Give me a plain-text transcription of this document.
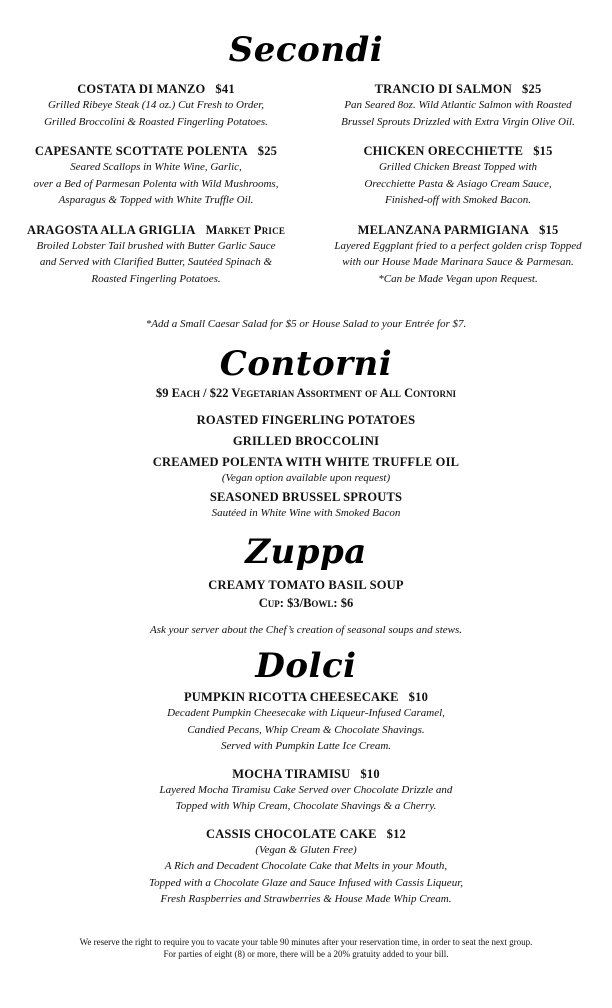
Secondi
COSTATA DI MANZO $41
Grilled Ribeye Steak (14 oz.) Cut Fresh to Order,
Grilled Broccolini & Roasted Fingerling Potatoes.
CAPESANTE SCOTTATE POLENTA $25
Seared Scallops in White Wine, Garlic,
over a Bed of Parmesan Polenta with Wild Mushrooms,
Asparagus & Topped with White Truffle Oil.
ARAGOSTA ALLA GRIGLIA Market Price
Broiled Lobster Tail brushed with Butter Garlic Sauce
and Served with Clarified Butter, Sautéed Spinach &
Roasted Fingerling Potatoes.
TRANCIO DI SALMON $25
Pan Seared 8oz. Wild Atlantic Salmon with Roasted
Brussel Sprouts Drizzled with Extra Virgin Olive Oil.
CHICKEN ORECCHIETTE $15
Grilled Chicken Breast Topped with
Orecchiette Pasta & Asiago Cream Sauce,
Finished-off with Smoked Bacon.
MELANZANA PARMIGIANA $15
Layered Eggplant fried to a perfect golden crisp Topped
with our House Made Marinara Sauce & Parmesan.
*Can be Made Vegan upon Request.
*Add a Small Caesar Salad for $5 or House Salad to your Entrée for $7.
Contorni
$9 Each / $22 Vegetarian Assortment of All Contorni
ROASTED FINGERLING POTATOES
GRILLED BROCCOLINI
CREAMED POLENTA WITH WHITE TRUFFLE OIL
(Vegan option available upon request)
SEASONED BRUSSEL SPROUTS
Sautéed in White Wine with Smoked Bacon
Zuppa
CREAMY TOMATO BASIL SOUP
Cup: $3/Bowl: $6
Ask your server about the Chef’s creation of seasonal soups and stews.
Dolci
PUMPKIN RICOTTA CHEESECAKE $10
Decadent Pumpkin Cheesecake with Liqueur-Infused Caramel,
Candied Pecans, Whip Cream & Chocolate Shavings.
Served with Pumpkin Latte Ice Cream.
MOCHA TIRAMISU $10
Layered Mocha Tiramisu Cake Served over Chocolate Drizzle and
Topped with Whip Cream, Chocolate Shavings & a Cherry.
CASSIS CHOCOLATE CAKE $12
(Vegan & Gluten Free)
A Rich and Decadent Chocolate Cake that Melts in your Mouth,
Topped with a Chocolate Glaze and Sauce Infused with Cassis Liqueur,
Fresh Raspberries and Strawberries & House Made Whip Cream.
We reserve the right to require you to vacate your table 90 minutes after your reservation time, in order to seat the next group.
For parties of eight (8) or more, there will be a 20% gratuity added to your bill.
